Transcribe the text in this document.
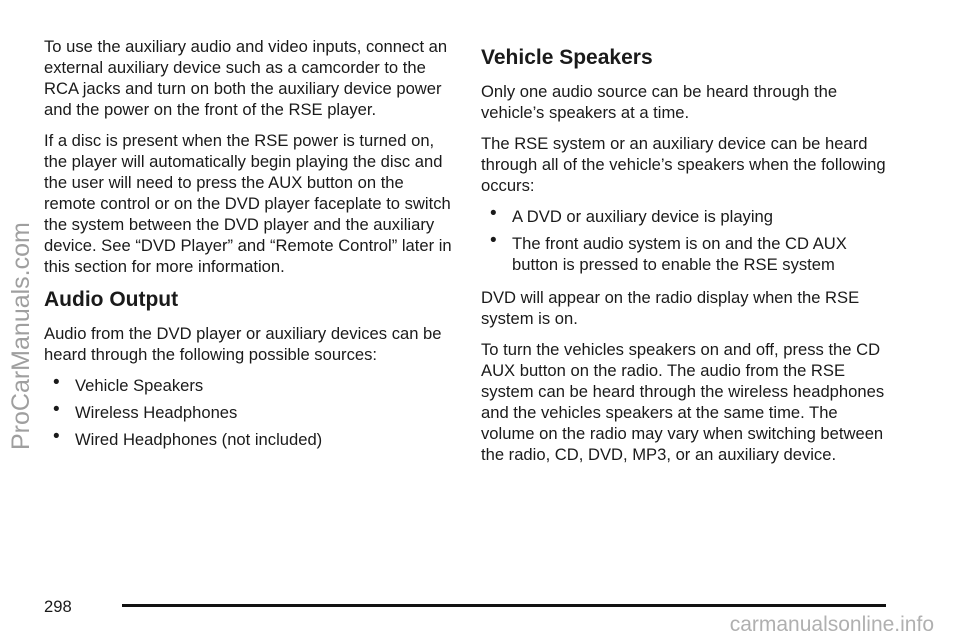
To use the auxiliary audio and video inputs, connect an external auxiliary device such as a camcorder to the RCA jacks and turn on both the auxiliary device power and the power on the front of the RSE player.

If a disc is present when the RSE power is turned on, the player will automatically begin playing the disc and the user will need to press the AUX button on the remote control or on the DVD player faceplate to switch the system between the DVD player and the auxiliary device. See “DVD Player” and “Remote Control” later in this section for more information.

Audio Output

Audio from the DVD player or auxiliary devices can be heard through the following possible sources:

• Vehicle Speakers
• Wireless Headphones
• Wired Headphones (not included)
Vehicle Speakers

Only one audio source can be heard through the vehicle’s speakers at a time.

The RSE system or an auxiliary device can be heard through all of the vehicle’s speakers when the following occurs:

• A DVD or auxiliary device is playing
• The front audio system is on and the CD AUX button is pressed to enable the RSE system

DVD will appear on the radio display when the RSE system is on.

To turn the vehicles speakers on and off, press the CD AUX button on the radio. The audio from the RSE system can be heard through the wireless headphones and the vehicles speakers at the same time. The volume on the radio may vary when switching between the radio, CD, DVD, MP3, or an auxiliary device.

298
ProCarManuals.com
carmanualsonline.info
